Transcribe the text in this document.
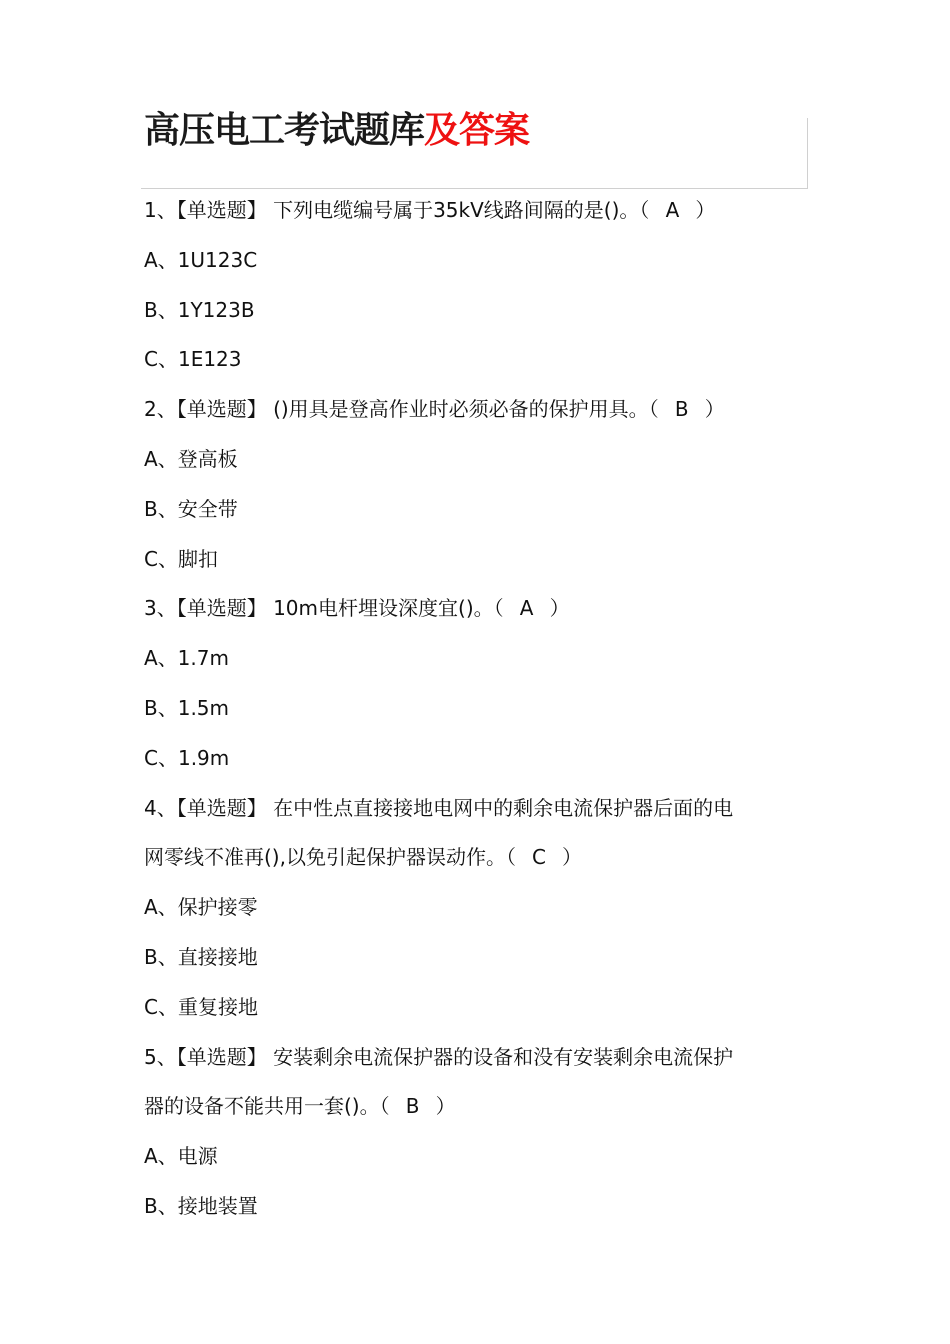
高压电工考试题库及答案
1、【单选题】 下列电缆编号属于35kV线路间隔的是()。（ A ）
A、1U123C
B、1Y123B
C、1E123
2、【单选题】 ()用具是登高作业时必须必备的保护用具。（ B ）
A、登高板
B、安全带
C、脚扣
3、【单选题】 10m电杆埋设深度宜()。（ A ）
A、1.7m
B、1.5m
C、1.9m
4、【单选题】 在中性点直接接地电网中的剩余电流保护器后面的电
网零线不准再(),以免引起保护器误动作。（ C ）
A、保护接零
B、直接接地
C、重复接地
5、【单选题】 安装剩余电流保护器的设备和没有安装剩余电流保护
器的设备不能共用一套()。（ B ）
A、电源
B、接地装置
